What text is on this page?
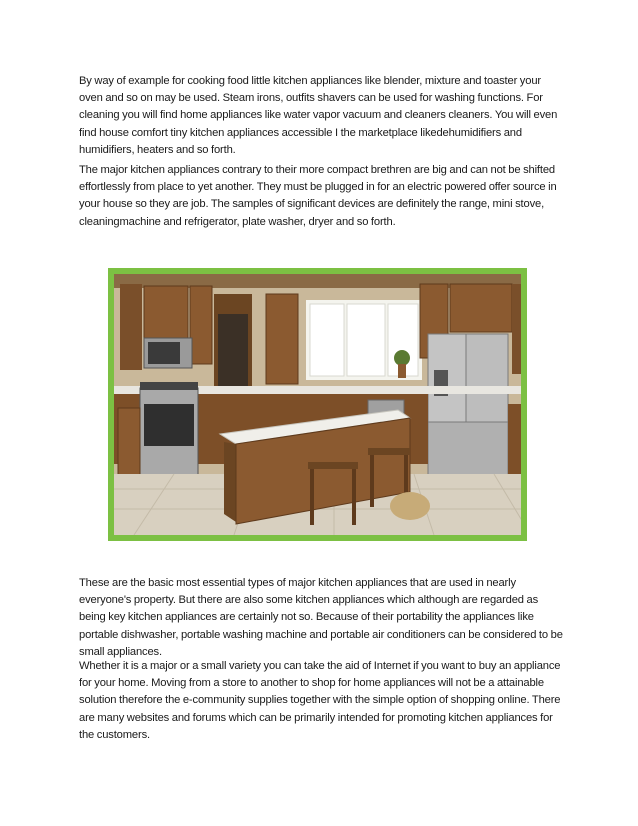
By way of example for cooking food little kitchen appliances like blender, mixture and toaster your oven and so on may be used. Steam irons, outfits shavers can be used for washing functions. For cleaning you will find home appliances like water vapor vacuum and cleaners cleaners. You will even find house comfort tiny kitchen appliances accessible I the marketplace likedehumidifiers and humidifiers, heaters and so forth.

The major kitchen appliances contrary to their more compact brethren are big and can not be shifted effortlessly from place to yet another. They must be plugged in for an electric powered offer source in your house so they are job. The samples of significant devices are definitely the range, mini stove, cleaningmachine and refrigerator, plate washer, dryer and so forth.

These are the basic most essential types of major kitchen appliances that are used in nearly everyone's property. But there are also some kitchen appliances which although are regarded as being key kitchen appliances are certainly not so. Because of their portability the appliances like portable dishwasher, portable washing machine and portable air conditioners can be considered to be small appliances.

Whether it is a major or a small variety you can take the aid of Internet if you want to buy an appliance for your home. Moving from a store to another to shop for home appliances will not be a attainable solution therefore the e-community supplies together with the simple option of shopping online. There are many websites and forums which can be primarily intended for promoting kitchen appliances for the customers.
